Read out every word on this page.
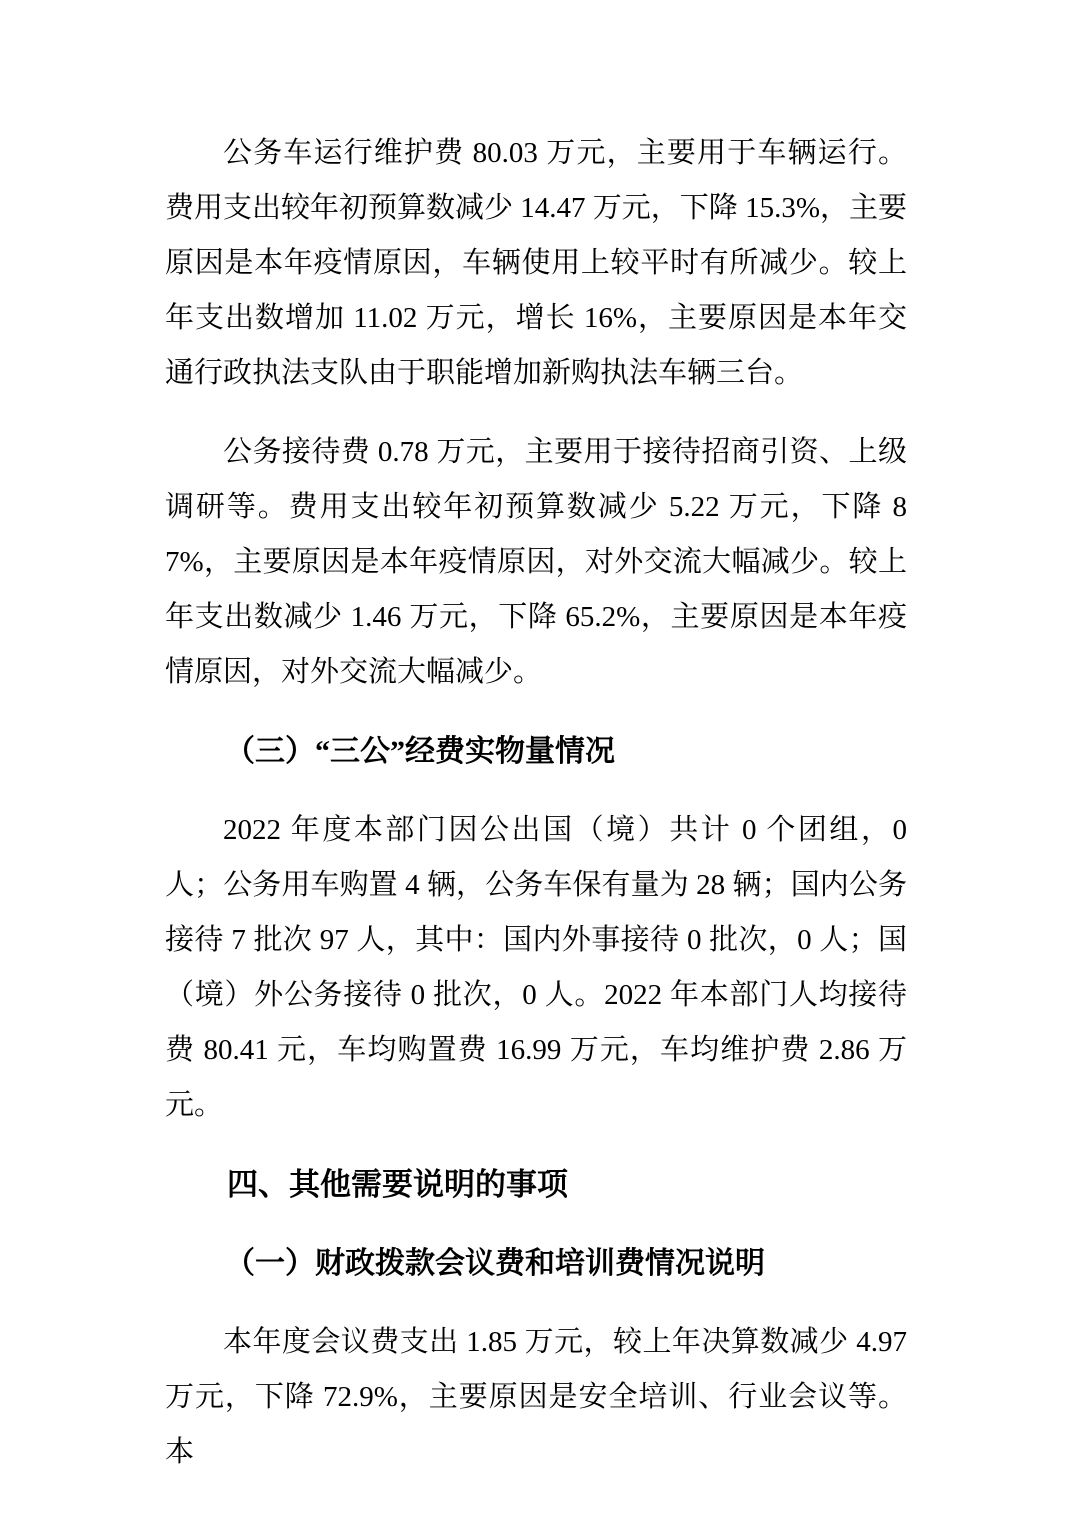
公务车运行维护费 80.03 万元，主要用于车辆运行。费用支出较年初预算数减少 14.47 万元，下降 15.3%，主要原因是本年疫情原因，车辆使用上较平时有所减少。较上年支出数增加 11.02 万元，增长 16%，主要原因是本年交通行政执法支队由于职能增加新购执法车辆三台。

公务接待费 0.78 万元，主要用于接待招商引资、上级调研等。费用支出较年初预算数减少 5.22 万元，下降 87%，主要原因是本年疫情原因，对外交流大幅减少。较上年支出数减少 1.46 万元，下降 65.2%，主要原因是本年疫情原因，对外交流大幅减少。

（三）“三公”经费实物量情况

2022 年度本部门因公出国（境）共计 0 个团组，0 人；公务用车购置 4 辆，公务车保有量为 28 辆；国内公务接待 7 批次 97 人，其中：国内外事接待 0 批次，0 人；国（境）外公务接待 0 批次，0 人。2022 年本部门人均接待费 80.41 元，车均购置费 16.99 万元，车均维护费 2.86 万元。

四、其他需要说明的事项
（一）财政拨款会议费和培训费情况说明

本年度会议费支出 1.85 万元，较上年决算数减少 4.97 万元，下降 72.9%，主要原因是安全培训、行业会议等。本
